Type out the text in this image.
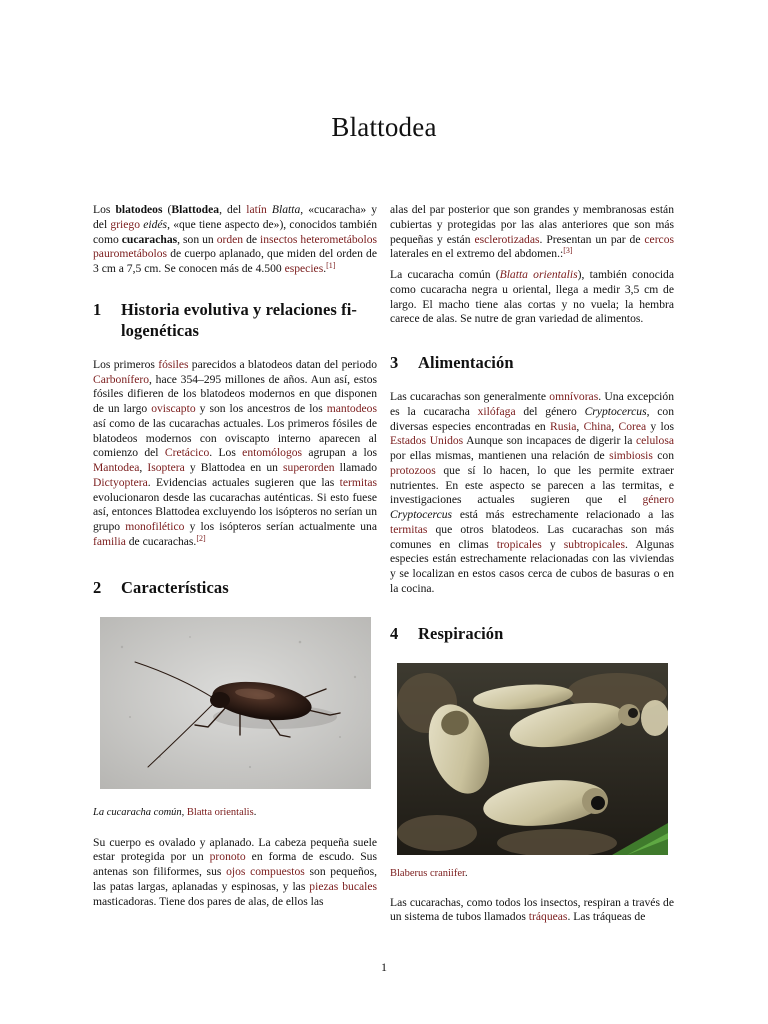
Blattodea

Los blatodeos (Blattodea, del latín Blatta, «cucaracha» y del griego eidés, «que tiene aspecto de»), conocidos también como cucarachas, son un orden de insectos heterometábolos paurometábolos de cuerpo aplanado, que miden del orden de 3 cm a 7,5 cm. Se conocen más de 4.500 especies.[1]

1	Historia evolutiva y relaciones fi-
logenéticas

Los primeros fósiles parecidos a blatodeos datan del periodo Carbonífero, hace 354–295 millones de años. Aun así, estos fósiles difieren de los blatodeos modernos en que disponen de un largo oviscapto y son los ancestros de los mantodeos así como de las cucarachas actuales. Los primeros fósiles de blatodeos modernos con oviscapto interno aparecen al comienzo del Cretácico. Los entomólogos agrupan a los Mantodea, Isoptera y Blattodea en un superorden llamado Dictyoptera. Evidencias actuales sugieren que las termitas evolucionaron desde las cucarachas auténticas. Si esto fuese así, entonces Blattodea excluyendo los isópteros no serían un grupo monofilético y los isópteros serían actualmente una familia de cucarachas.[2]

2	Características

La cucaracha común, Blatta orientalis.

Su cuerpo es ovalado y aplanado. La cabeza pequeña suele estar protegida por un pronoto en forma de escudo. Sus antenas son filiformes, sus ojos compuestos son pequeños, las patas largas, aplanadas y espinosas, y las piezas bucales masticadoras. Tiene dos pares de alas, de ellos las

alas del par posterior que son grandes y membranosas están cubiertas y protegidas por las alas anteriores que son más pequeñas y están esclerotizadas. Presentan un par de cercos laterales en el extremo del abdomen.:[3]

La cucaracha común (Blatta orientalis), también conocida como cucaracha negra u oriental, llega a medir 3,5 cm de largo. El macho tiene alas cortas y no vuela; la hembra carece de alas. Se nutre de gran variedad de alimentos.

3	Alimentación

Las cucarachas son generalmente omnívoras. Una excepción es la cucaracha xilófaga del género Cryptocercus, con diversas especies encontradas en Rusia, China, Corea y los Estados Unidos Aunque son incapaces de digerir la celulosa por ellas mismas, mantienen una relación de simbiosis con protozoos que sí lo hacen, lo que les permite extraer nutrientes. En este aspecto se parecen a las termitas, e investigaciones actuales sugieren que el género Cryptocercus está más estrechamente relacionado a las termitas que otros blatodeos. Las cucarachas son más comunes en climas tropicales y subtropicales. Algunas especies están estrechamente relacionadas con las viviendas y se localizan en estos casos cerca de cubos de basuras o en la cocina.

4	Respiración

Blaberus craniifer.

Las cucarachas, como todos los insectos, respiran a través de un sistema de tubos llamados tráqueas. Las tráqueas de

1
